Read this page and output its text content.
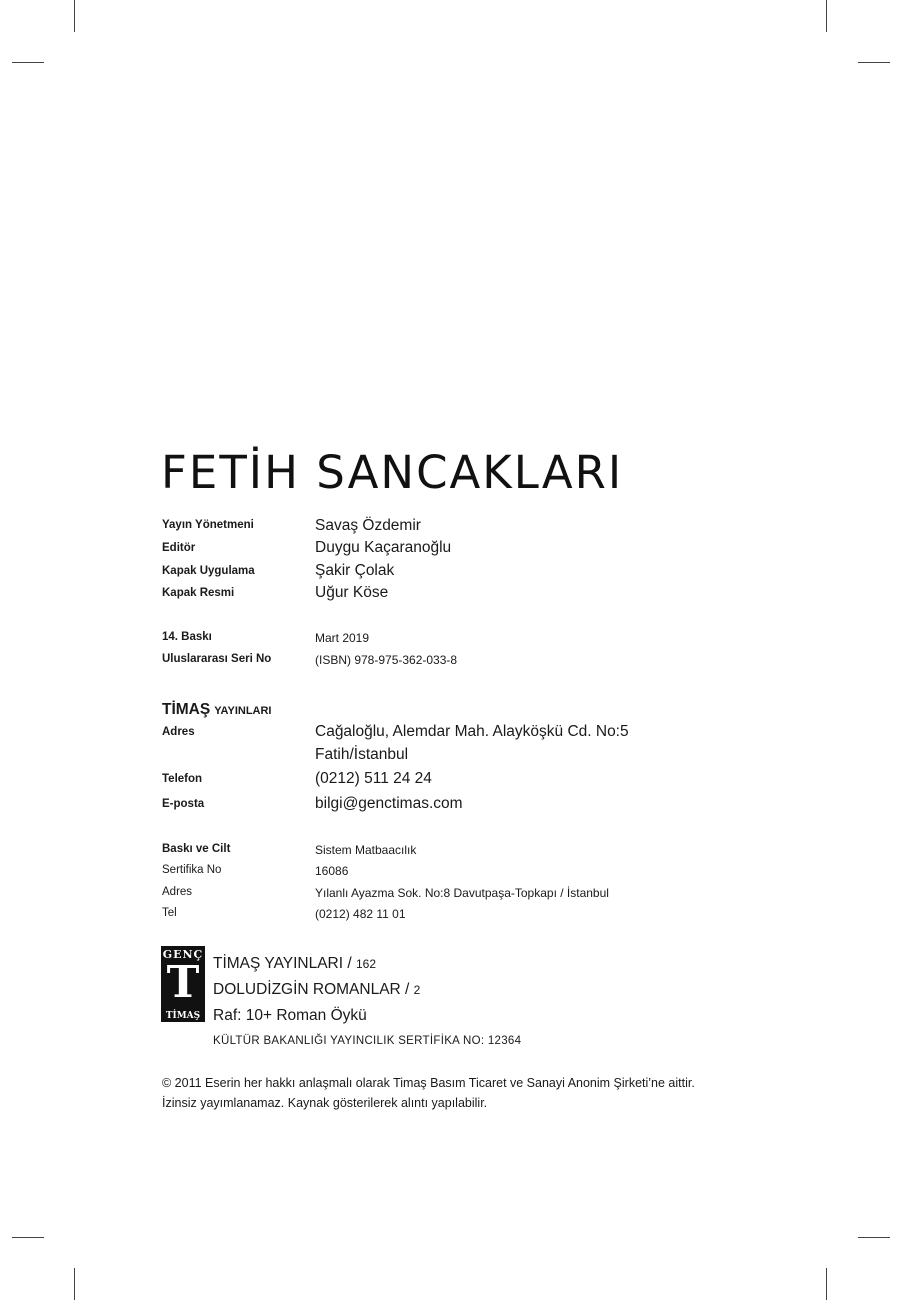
FETİH SANCAKLARI
Yayın Yönetmeni	Savaş Özdemir
Editör	Duygu Kaçaranoğlu
Kapak Uygulama	Şakir Çolak
Kapak Resmi	Uğur Köse
14. Baskı	Mart 2019
Uluslararası Seri No	(ISBN) 978-975-362-033-8
TİMAŞ YAYINLARI
Adres	Cağaloğlu, Alemdar Mah. Alayköşkü Cd. No:5
Fatih/İstanbul
Telefon	(0212) 511 24 24
E-posta	bilgi@genctimas.com
Baskı ve Cilt	Sistem Matbaacılık
Sertifika No	16086
Adres	Yılanlı Ayazma Sok. No:8 Davutpaşa-Topkapı / İstanbul
Tel	(0212) 482 11 01
GENÇ
T
TİMAŞ
TİMAŞ YAYINLARI / 162
DOLUDİZGİN ROMANLAR / 2
Raf: 10+ Roman Öykü
KÜLTÜR BAKANLIĞI YAYINCILIK SERTİFİKA NO: 12364
© 2011 Eserin her hakkı anlaşmalı olarak Timaş Basım Ticaret ve Sanayi Anonim Şirketi’ne aittir. İzinsiz yayımlanamaz. Kaynak gösterilerek alıntı yapılabilir.
